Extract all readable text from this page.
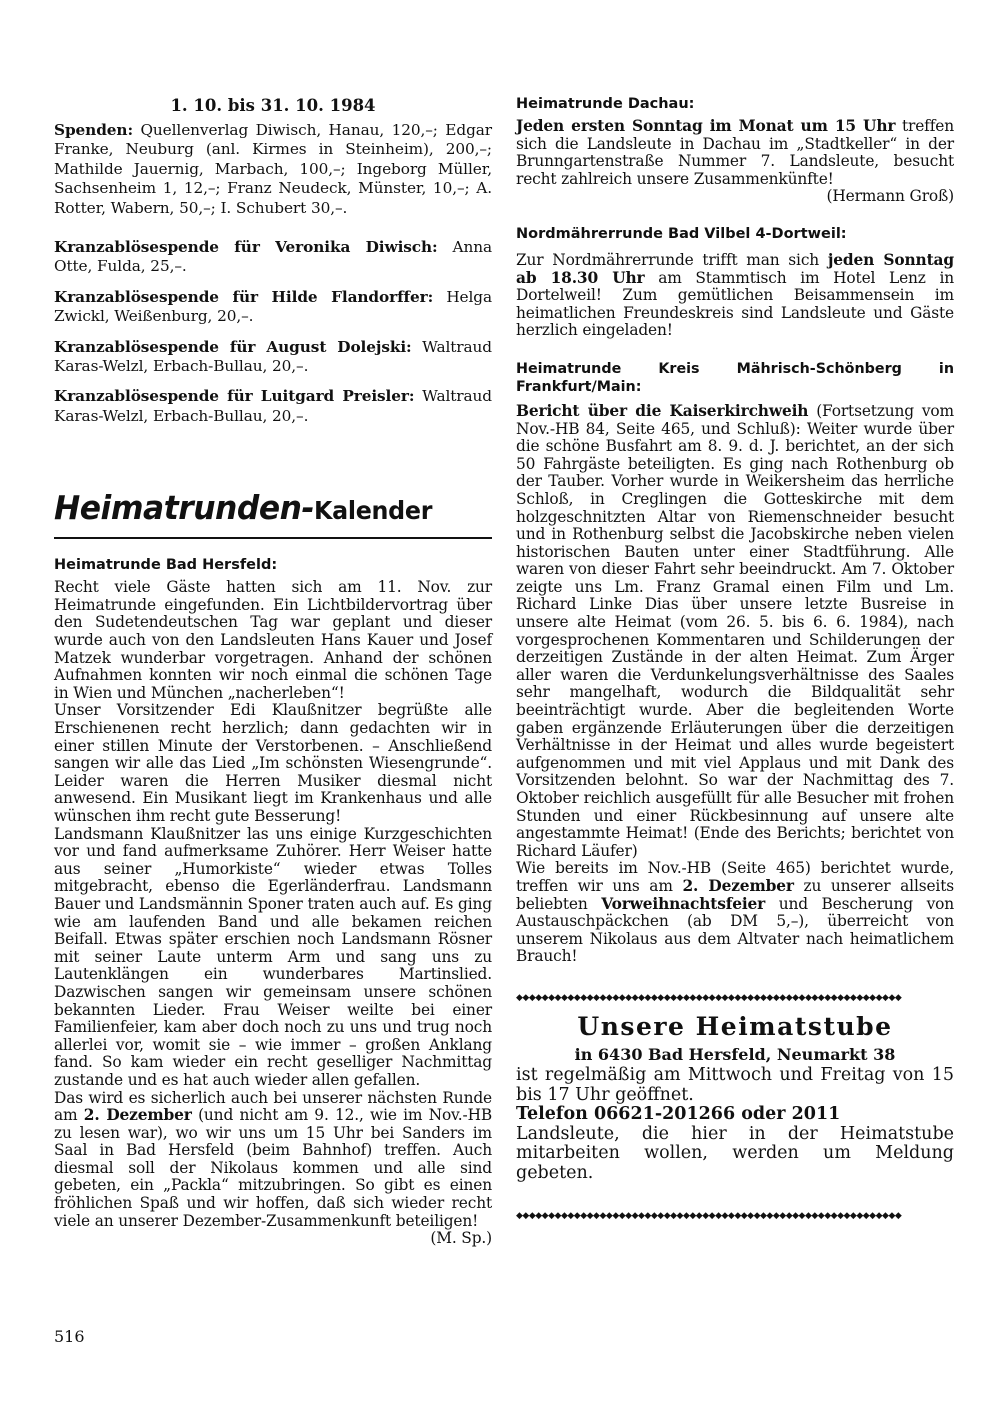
1. 10. bis 31. 10. 1984

Spenden: Quellenverlag Diwisch, Hanau, 120,–; Edgar Franke, Neuburg (anl. Kirmes in Steinheim), 200,–; Mathilde Jauernig, Marbach, 100,–; Ingeborg Müller, Sachsenheim 1, 12,–; Franz Neudeck, Münster, 10,–; A. Rotter, Wabern, 50,–; I. Schubert 30,–.

Kranzablösespende für Veronika Diwisch: Anna Otte, Fulda, 25,–.

Kranzablösespende für Hilde Flandorffer: Helga Zwickl, Weißenburg, 20,–.

Kranzablösespende für August Dolejski: Waltraud Karas-Welzl, Erbach-Bullau, 20,–.

Kranzablösespende für Luitgard Preisler: Waltraud Karas-Welzl, Erbach-Bullau, 20,–.

Heimatrunden-Kalender

Heimatrunde Bad Hersfeld:

Recht viele Gäste hatten sich am 11. Nov. zur Heimatrunde eingefunden. Ein Lichtbildervortrag über den Sudetendeutschen Tag war geplant und dieser wurde auch von den Landsleuten Hans Kauer und Josef Matzek wunderbar vorgetragen. Anhand der schönen Aufnahmen konnten wir noch einmal die schönen Tage in Wien und München „nacherleben“!

Unser Vorsitzender Edi Klaußnitzer begrüßte alle Erschienenen recht herzlich; dann gedachten wir in einer stillen Minute der Verstorbenen. – Anschließend sangen wir alle das Lied „Im schönsten Wiesengrunde“. Leider waren die Herren Musiker diesmal nicht anwesend. Ein Musikant liegt im Krankenhaus und alle wünschen ihm recht gute Besserung!

Landsmann Klaußnitzer las uns einige Kurzgeschichten vor und fand aufmerksame Zuhörer. Herr Weiser hatte aus seiner „Humorkiste“ wieder etwas Tolles mitgebracht, ebenso die Egerländerfrau. Landsmann Bauer und Landsmännin Sponer traten auch auf. Es ging wie am laufenden Band und alle bekamen reichen Beifall. Etwas später erschien noch Landsmann Rösner mit seiner Laute unterm Arm und sang uns zu Lautenklängen ein wunderbares Martinslied. Dazwischen sangen wir gemeinsam unsere schönen bekannten Lieder. Frau Weiser weilte bei einer Familienfeier, kam aber doch noch zu uns und trug noch allerlei vor, womit sie – wie immer – großen Anklang fand. So kam wieder ein recht geselliger Nachmittag zustande und es hat auch wieder allen gefallen.

Das wird es sicherlich auch bei unserer nächsten Runde am 2. Dezember (und nicht am 9. 12., wie im Nov.-HB zu lesen war), wo wir uns um 15 Uhr bei Sanders im Saal in Bad Hersfeld (beim Bahnhof) treffen. Auch diesmal soll der Nikolaus kommen und alle sind gebeten, ein „Packla“ mitzubringen. So gibt es einen fröhlichen Spaß und wir hoffen, daß sich wieder recht viele an unserer Dezember-Zusammenkunft beteiligen!
(M. Sp.)

Heimatrunde Dachau:

Jeden ersten Sonntag im Monat um 15 Uhr treffen sich die Landsleute in Dachau im „Stadtkeller“ in der Brunngartenstraße Nummer 7. Landsleute, besucht recht zahlreich unsere Zusammenkünfte!

(Hermann Groß)

Nordmährerrunde Bad Vilbel 4-Dortweil:

Zur Nordmährerrunde trifft man sich jeden Sonntag ab 18.30 Uhr am Stammtisch im Hotel Lenz in Dortelweil! Zum gemütlichen Beisammensein im heimatlichen Freundeskreis sind Landsleute und Gäste herzlich eingeladen!

Heimatrunde Kreis Mährisch-Schönberg in

Frankfurt/Main:

Bericht über die Kaiserkirchweih (Fortsetzung vom Nov.-HB 84, Seite 465, und Schluß): Weiter wurde über die schöne Busfahrt am 8. 9. d. J. berichtet, an der sich 50 Fahrgäste beteiligten. Es ging nach Rothenburg ob der Tauber. Vorher wurde in Weikersheim das herrliche Schloß, in Creglingen die Gotteskirche mit dem holzgeschnitzten Altar von Riemenschneider besucht und in Rothenburg selbst die Jacobskirche neben vielen historischen Bauten unter einer Stadtführung. Alle waren von dieser Fahrt sehr beeindruckt. Am 7. Oktober zeigte uns Lm. Franz Gramal einen Film und Lm. Richard Linke Dias über unsere letzte Busreise in unsere alte Heimat (vom 26. 5. bis 6. 6. 1984), nach vorgesprochenen Kommentaren und Schilderungen der derzeitigen Zustände in der alten Heimat. Zum Ärger aller waren die Verdunkelungsverhältnisse des Saales sehr mangelhaft, wodurch die Bildqualität sehr beeinträchtigt wurde. Aber die begleitenden Worte gaben ergänzende Erläuterungen über die derzeitigen Verhältnisse in der Heimat und alles wurde begeistert aufgenommen und mit viel Applaus und mit Dank des Vorsitzenden belohnt. So war der Nachmittag des 7. Oktober reichlich ausgefüllt für alle Besucher mit frohen Stunden und einer Rückbesinnung auf unsere alte angestammte Heimat! (Ende des Berichts; berichtet von Richard Läufer)

Wie bereits im Nov.-HB (Seite 465) berichtet wurde, treffen wir uns am 2. Dezember zu unserer allseits beliebten Vorweihnachtsfeier und Bescherung von Austauschpäckchen (ab DM 5,–), überreicht von unserem Nikolaus aus dem Altvater nach heimatlichem Brauch!

◆◆◆◆◆◆◆◆◆◆◆◆◆◆◆◆◆◆◆◆◆◆◆◆◆◆◆◆◆◆◆◆◆◆◆◆◆◆◆◆◆◆◆◆◆◆◆◆◆◆◆◆◆◆◆◆◆◆◆◆

Unsere Heimatstube

in 6430 Bad Hersfeld, Neumarkt 38

ist regelmäßig am Mittwoch und Freitag von 15 bis 17 Uhr geöffnet.

Telefon 06621-201266 oder 2011

Landsleute, die hier in der Heimatstube mitarbeiten wollen, werden um Meldung gebeten.

◆◆◆◆◆◆◆◆◆◆◆◆◆◆◆◆◆◆◆◆◆◆◆◆◆◆◆◆◆◆◆◆◆◆◆◆◆◆◆◆◆◆◆◆◆◆◆◆◆◆◆◆◆◆◆◆◆◆◆◆
516
